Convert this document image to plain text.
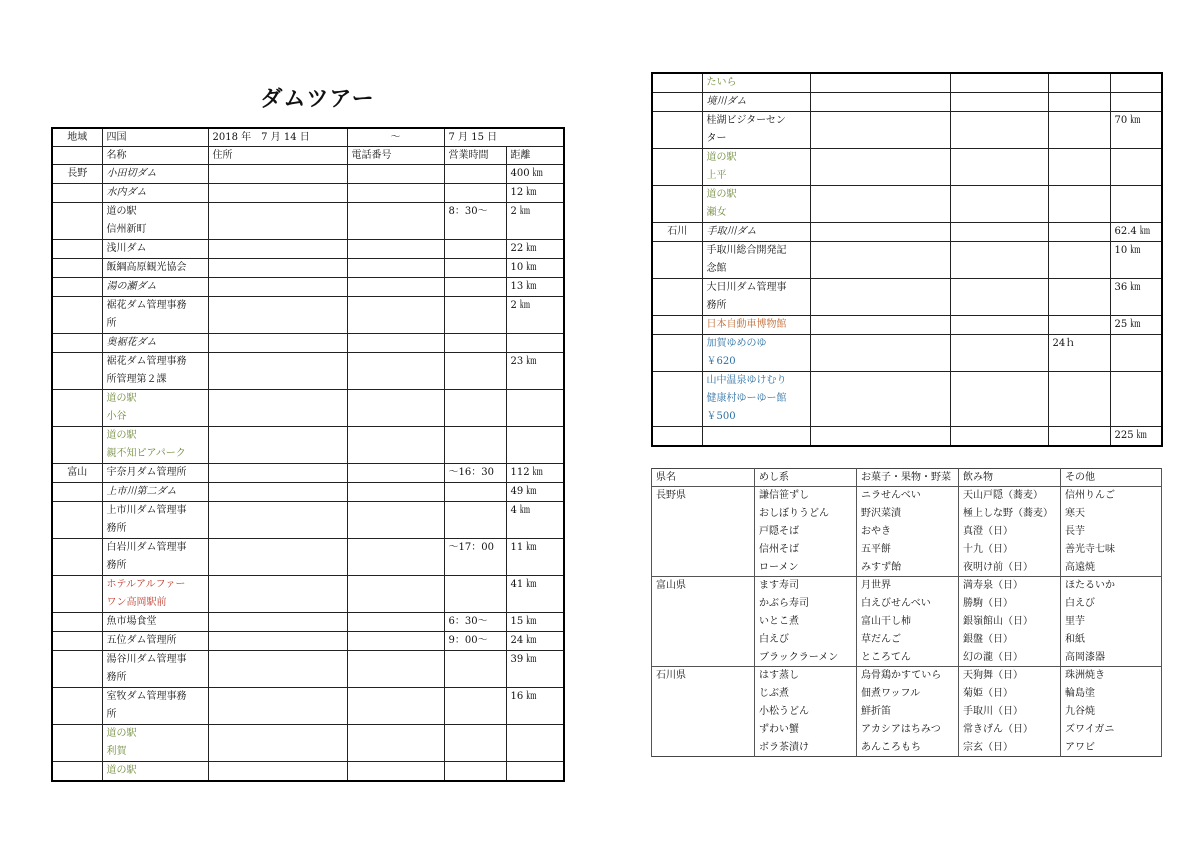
ダムツアー
地域	四国	2018 年　7 月 14 日	～	7 月 15 日	
	名称	住所	電話番号	営業時間	距離
長野	小田切ダム				400 ㎞

	水内ダム				12 ㎞

	道の駅
信州新町			8：30～	2 ㎞

	浅川ダム				22 ㎞

	飯綱高原観光協会				10 ㎞

	湯の瀬ダム				13 ㎞

	裾花ダム管理事務
所				2 ㎞

	奥裾花ダム				

	裾花ダム管理事務
所管理第２課				23 ㎞

	道の駅
小谷				

	道の駅
親不知ピアパーク				

富山	宇奈月ダム管理所			～16：30	112 ㎞

	上市川第二ダム				49 ㎞

	上市川ダム管理事
務所				4 ㎞

	白岩川ダム管理事
務所			～17：00	11 ㎞

	ホテルアルファー
ワン高岡駅前				41 ㎞

	魚市場食堂			6：30～	15 ㎞

	五位ダム管理所			9：00～	24 ㎞

	湯谷川ダム管理事
務所				39 ㎞

	室牧ダム管理事務
所				16 ㎞

	道の駅
利賀				

	道の駅				

	たいら				

	境川ダム				

	桂湖ビジターセン
ター				70 ㎞

	道の駅
上平				

	道の駅
瀬女				

石川	手取川ダム				62.4 ㎞

	手取川総合開発記
念館				10 ㎞

	大日川ダム管理事
務所				36 ㎞

	日本自動車博物館				25 ㎞

	加賀ゆめのゆ
￥620			24ｈ	

	山中温泉ゆけむり
健康村ゆーゆー館
￥500				

				225 ㎞
県名	めし系	お菓子・果物・野菜	飲み物	その他
長野県	謙信笹ずし	ニラせんべい	天山戸隠（蕎麦）	信州りんご
	おしぼりうどん	野沢菜漬	極上しな野（蕎麦）	寒天
	戸隠そば	おやき	真澄（日）	長芋
	信州そば	五平餅	十九（日）	善光寺七味
	ローメン	みすず飴	夜明け前（日）	高遠焼
富山県	ます寿司	月世界	満寿泉（日）	ほたるいか
	かぶら寿司	白えびせんべい	勝駒（日）	白えび
	いとこ煮	富山干し柿	銀嶺館山（日）	里芋
	白えび	草だんご	銀盤（日）	和紙
	ブラックラーメン	ところてん	幻の瀧（日）	高岡漆器
石川県	はす蒸し	烏骨鶏かすていら	天狗舞（日）	珠洲焼き
	じぶ煮	佃煮ワッフル	菊姫（日）	輪島塗
	小松うどん	鮮折笛	手取川（日）	九谷焼
	ずわい蟹	アカシアはちみつ	常きげん（日）	ズワイガニ
	ボラ茶漬け	あんころもち	宗玄（日）	アワビ
